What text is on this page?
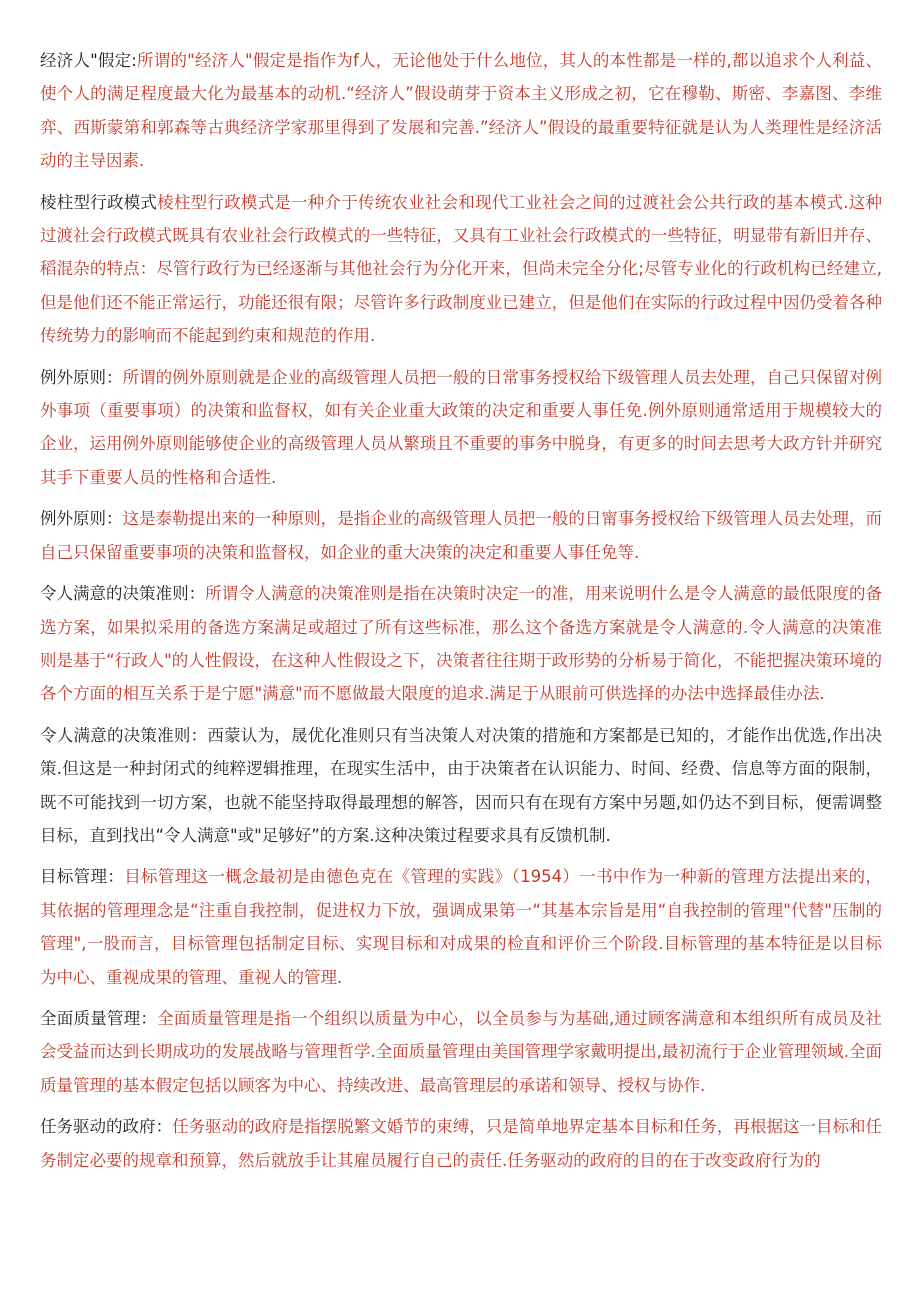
经济人"假定:所谓的"经济人"假定是指作为f人，无论他处于什么地位，其人的本性都是一样的,都以追求个人利益、使个人的满足程度最大化为最基本的动机.“经济人”假设萌芽于资本主义形成之初，它在穆勒、斯密、李嘉图、李维弈、西斯蒙第和郭森等古典经济学家那里得到了发展和完善.”经济人”假设的最重要特征就是认为人类理性是经济活动的主导因素.

棱柱型行政模式棱柱型行政模式是一种介于传统农业社会和现代工业社会之间的过渡社会公共行政的基本模式.这种过渡社会行政模式既具有农业社会行政模式的一些特征，又具有工业社会行政模式的一些特征，明显带有新旧并存、稻混杂的特点：尽管行政行为已经逐渐与其他社会行为分化开来，但尚未完全分化;尽管专业化的行政机构已经建立,但是他们还不能正常运行，功能还很有限；尽管许多行政制度业已建立，但是他们在实际的行政过程中因仍受着各种传统势力的影响而不能起到约束和规范的作用.

例外原则：所谓的例外原则就是企业的高级管理人员把一般的日常事务授权给下级管理人员去处理，自己只保留对例外事项（重要事项）的决策和监督权，如有关企业重大政策的决定和重要人事任免.例外原则通常适用于规模较大的企业，运用例外原则能够使企业的高级管理人员从繁琐且不重要的事务中脱身，有更多的时间去思考大政方针并研究其手下重要人员的性格和合适性.

例外原则：这是泰勒提出来的一种原则，是指企业的高级管理人员把一般的日甯事务授权给下级管理人员去处理，而自己只保留重要事项的决策和监督权，如企业的重大决策的决定和重要人事任免等.

令人满意的决策准则：所谓令人满意的决策准则是指在决策时决定一的准，用来说明什么是令人满意的最低限度的备选方案，如果拟采用的备选方案满足或超过了所有这些标准，那么这个备选方案就是令人满意的.令人满意的决策准则是基于“行政人"的人性假设，在这种人性假设之下，决策者往往期于政形势的分析易于简化，不能把握决策环境的各个方面的相互关系于是宁愿"满意"而不愿做最大限度的追求.满足于从眼前可供选择的办法中选择最佳办法.

令人满意的决策准则：西蒙认为，晟优化准则只有当决策人对决策的措施和方案都是已知的，才能作出优选,作出决策.但这是一种封闭式的纯粹逻辑推理，在现实生活中，由于决策者在认识能力、时间、经费、信息等方面的限制，既不可能找到一切方案，也就不能坚持取得最理想的解答，因而只有在现有方案中另题,如仍达不到目标，便需调整目标，直到找出“令人满意"或"足够好”的方案.这种决策过程要求具有反馈机制.

目标管理：目标管理这一概念最初是由德色克在《管理的实践》（1954）一书中作为一种新的管理方法提出来的，其依据的管理理念是“注重自我控制，促进权力下放，强调成果第一“其基本宗旨是用“自我控制的管理"代替"压制的管理",一股而言，目标管理包括制定目标、实现目标和对成果的检直和评价三个阶段.目标管理的基本特征是以目标为中心、重视成果的管理、重视人的管理.

全面质量管理：全面质量管理是指一个组织以质量为中心，以全员参与为基础,通过顾客满意和本组织所有成员及社会受益而达到长期成功的发展战略与管理哲学.全面质量管理由美国管理学家戴明提出,最初流行于企业管理领域.全面质量管理的基本假定包括以顾客为中心、持续改进、最高管理层的承诺和领导、授权与协作.

任务驱动的政府：任务驱动的政府是指摆脱繁文婚节的束缚，只是简单地界定基本目标和任务，再根据这一目标和任务制定必要的规章和预算，然后就放手让其雇员履行自己的责任.任务驱动的政府的目的在于改变政府行为的
